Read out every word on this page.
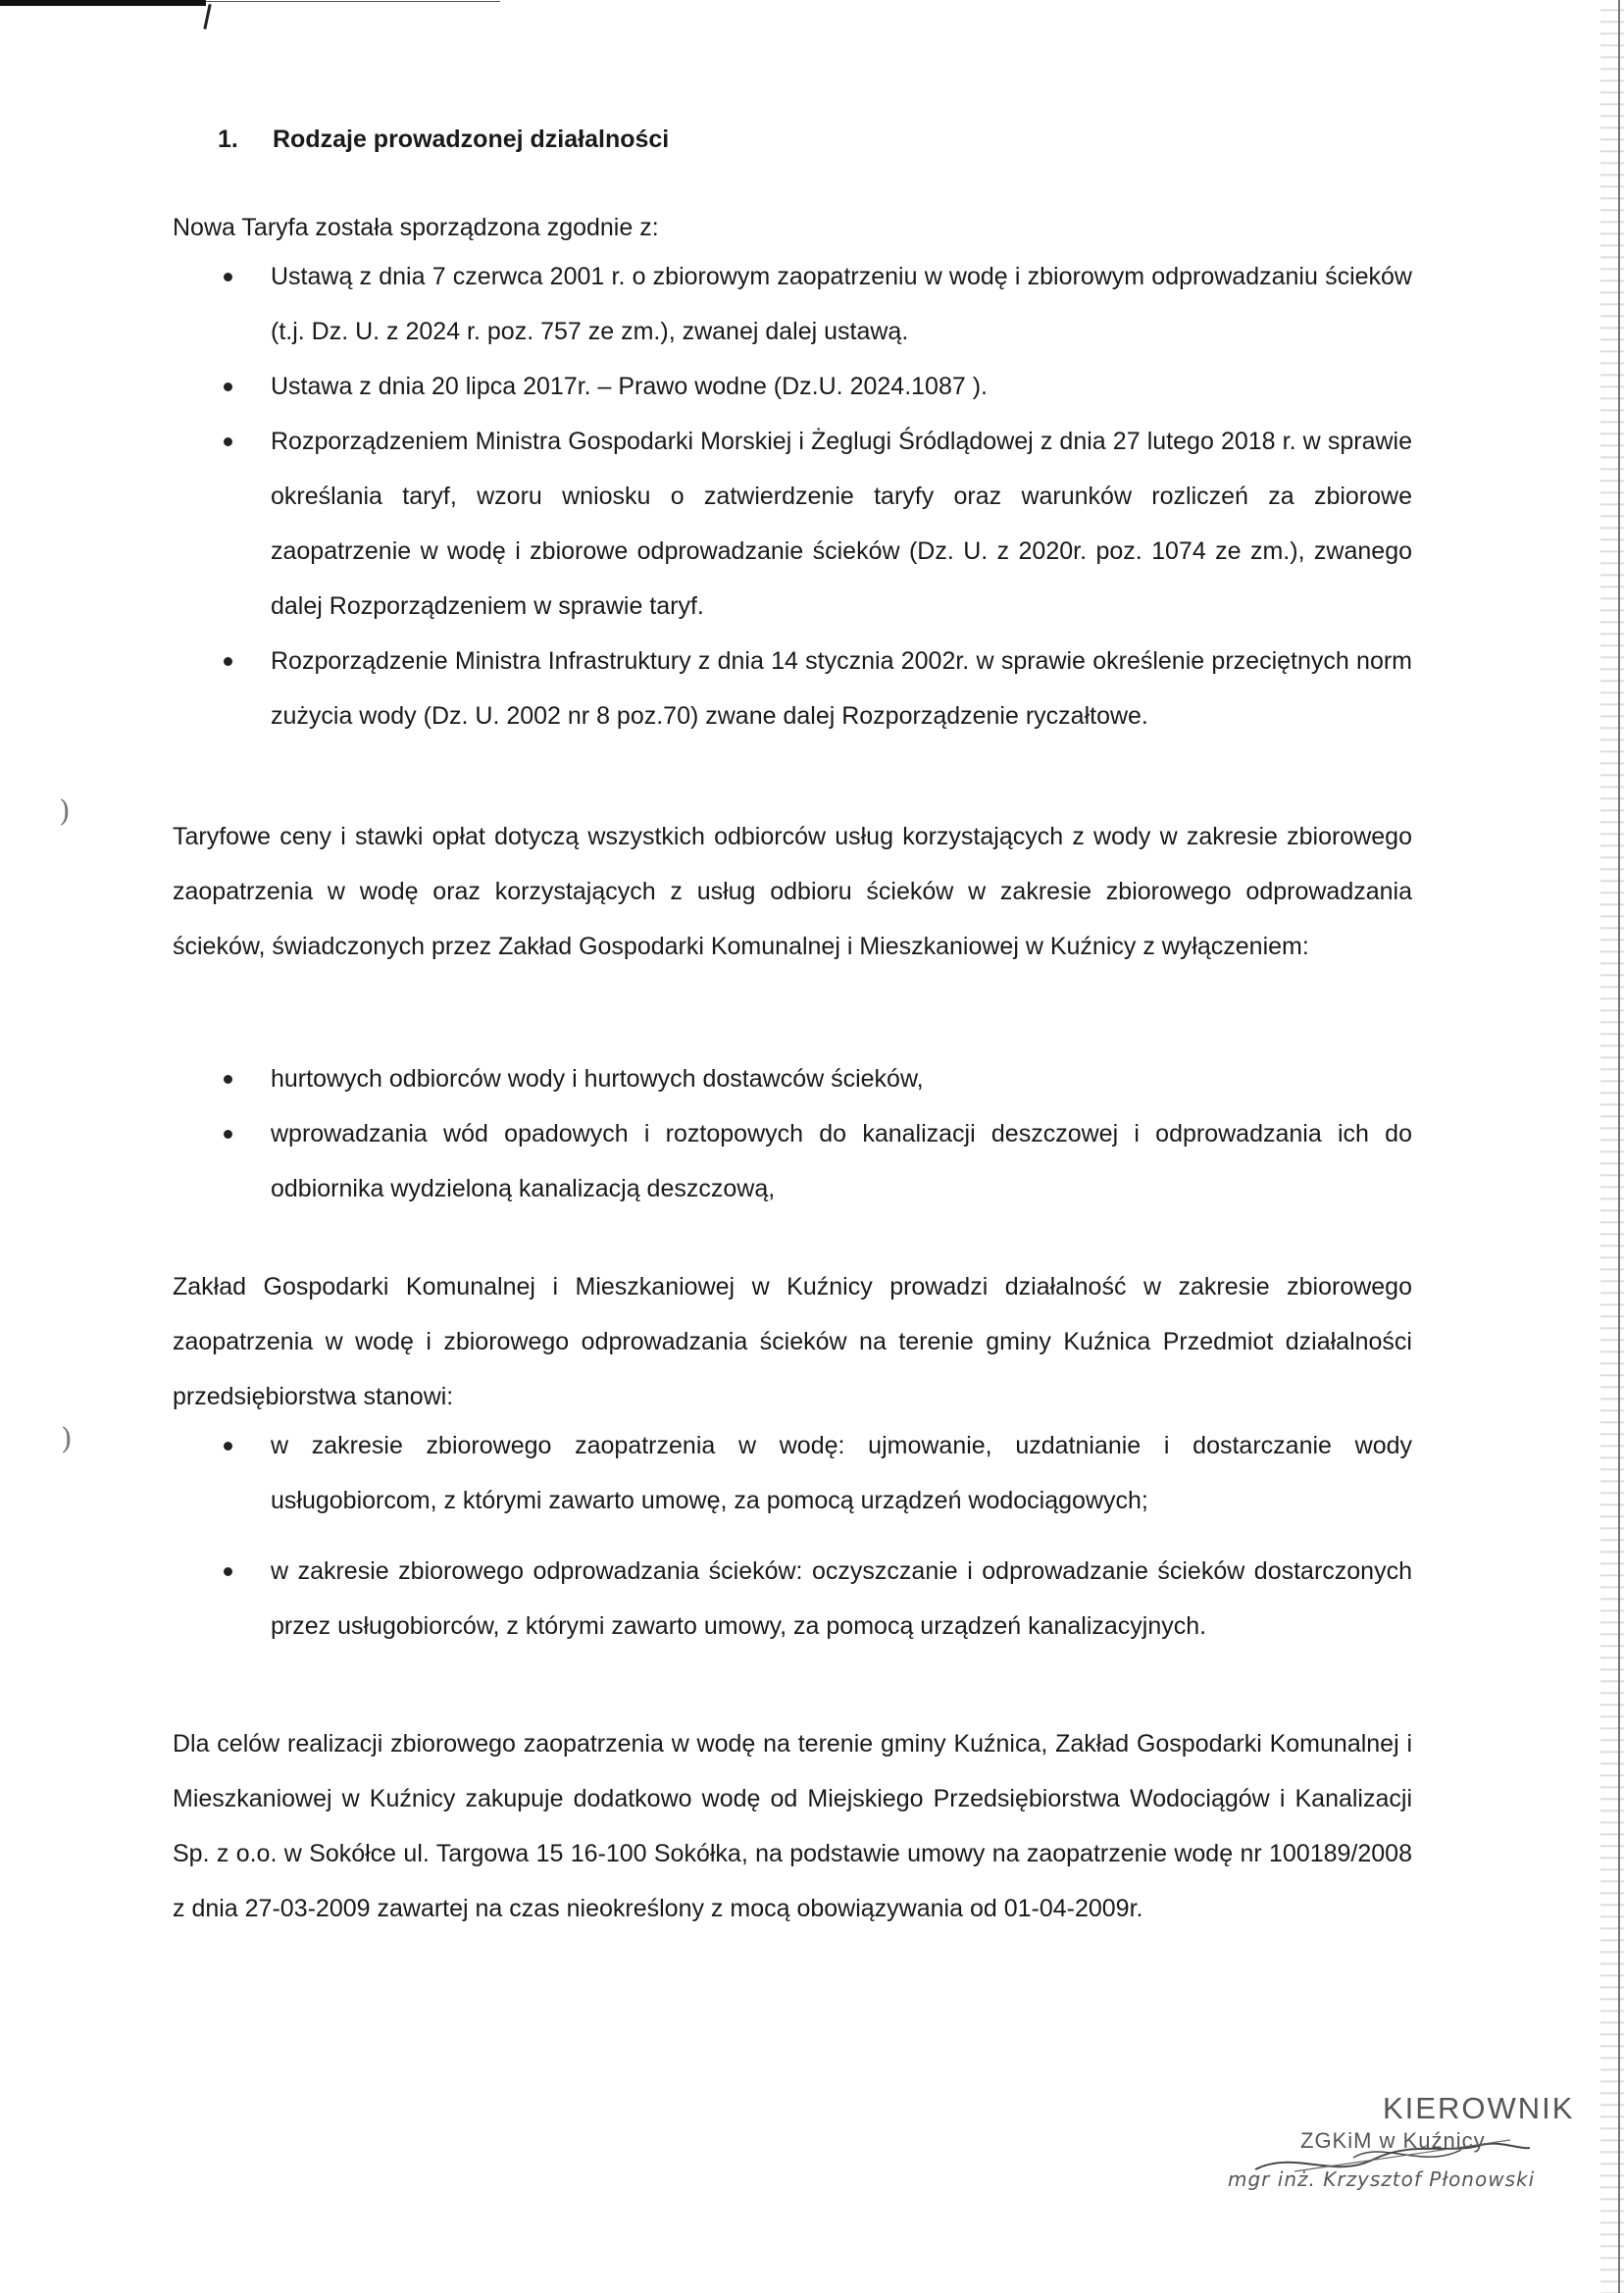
)
)
1. Rodzaje prowadzonej działalności
Nowa Taryfa została sporządzona zgodnie z:
Ustawą z dnia 7 czerwca 2001 r. o zbiorowym zaopatrzeniu w wodę i zbiorowym odprowadzaniu ścieków (t.j. Dz. U. z 2024 r. poz. 757 ze zm.), zwanej dalej ustawą.
Ustawa z dnia 20 lipca 2017r. – Prawo wodne (Dz.U. 2024.1087 ).
Rozporządzeniem Ministra Gospodarki Morskiej i Żeglugi Śródlądowej z dnia 27 lutego 2018 r. w sprawie określania taryf, wzoru wniosku o zatwierdzenie taryfy oraz warunków rozliczeń za zbiorowe zaopatrzenie w wodę i zbiorowe odprowadzanie ścieków (Dz. U. z 2020r. poz. 1074 ze zm.), zwanego dalej Rozporządzeniem w sprawie taryf.
Rozporządzenie Ministra Infrastruktury z dnia 14 stycznia 2002r. w sprawie określenie przeciętnych norm zużycia wody (Dz. U. 2002 nr 8 poz.70) zwane dalej Rozporządzenie ryczałtowe.
Taryfowe ceny i stawki opłat dotyczą wszystkich odbiorców usług korzystających z wody w zakresie zbiorowego zaopatrzenia w wodę oraz korzystających z usług odbioru ścieków w zakresie zbiorowego odprowadzania ścieków, świadczonych przez Zakład Gospodarki Komunalnej i Mieszkaniowej w Kuźnicy z wyłączeniem:
hurtowych odbiorców wody i hurtowych dostawców ścieków,
wprowadzania wód opadowych i roztopowych do kanalizacji deszczowej i odprowadzania ich do odbiornika wydzieloną kanalizacją deszczową,
Zakład Gospodarki Komunalnej i Mieszkaniowej w Kuźnicy prowadzi działalność w zakresie zbiorowego zaopatrzenia w wodę i zbiorowego odprowadzania ścieków na terenie gminy Kuźnica Przedmiot działalności przedsiębiorstwa stanowi:
w zakresie zbiorowego zaopatrzenia w wodę: ujmowanie, uzdatnianie i dostarczanie wody usługobiorcom, z którymi zawarto umowę, za pomocą urządzeń wodociągowych;
w zakresie zbiorowego odprowadzania ścieków: oczyszczanie i odprowadzanie ścieków dostarczonych przez usługobiorców, z którymi zawarto umowy, za pomocą urządzeń kanalizacyjnych.
Dla celów realizacji zbiorowego zaopatrzenia w wodę na terenie gminy Kuźnica, Zakład Gospodarki Komunalnej i Mieszkaniowej w Kuźnicy zakupuje dodatkowo wodę od Miejskiego Przedsiębiorstwa Wodociągów i Kanalizacji Sp. z o.o. w Sokółce ul. Targowa 15 16-100 Sokółka, na podstawie umowy na zaopatrzenie wodę nr 100189/2008 z dnia 27-03-2009 zawartej na czas nieokreślony z mocą obowiązywania od 01-04-2009r.
KIEROWNIK
ZGKiM w Kuźnicy
mgr inż. Krzysztof Płonowski
